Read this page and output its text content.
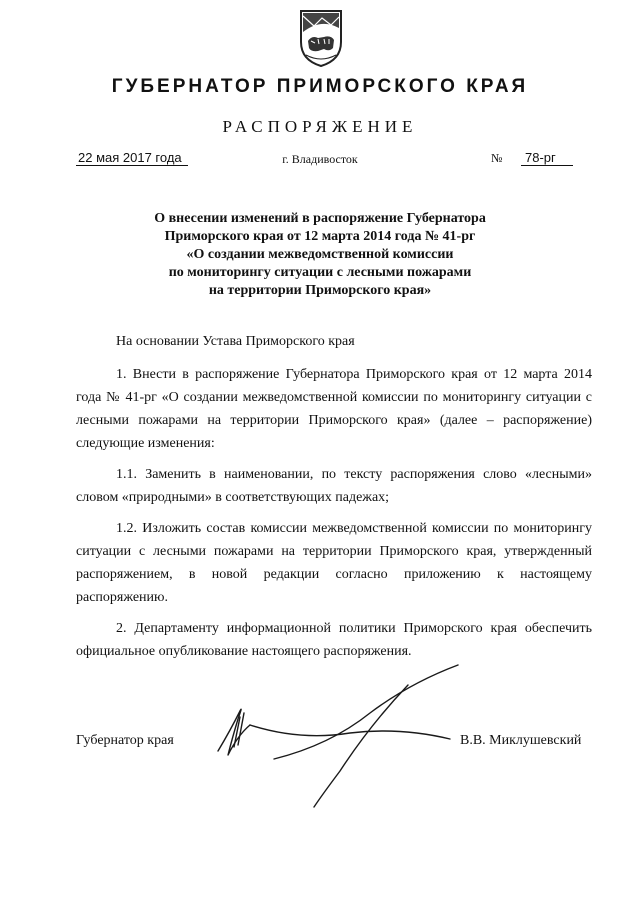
ГУБЕРНАТОР ПРИМОРСКОГО КРАЯ
РАСПОРЯЖЕНИЕ
22 мая 2017 года	г. Владивосток	№ 78-рг
О внесении изменений в распоряжение Губернатора
Приморского края от 12 марта 2014 года № 41-рг
«О создании межведомственной комиссии
по мониторингу ситуации с лесными пожарами
на территории Приморского края»

На основании Устава Приморского края

1. Внести в распоряжение Губернатора Приморского края от 12 марта 2014 года № 41-рг «О создании межведомственной комиссии по мониторингу ситуации с лесными пожарами на территории Приморского края» (далее – распоряжение) следующие изменения:

1.1. Заменить в наименовании, по тексту распоряжения слово «лесными» словом «природными» в соответствующих падежах;

1.2. Изложить состав комиссии межведомственной комиссии по мониторингу ситуации с лесными пожарами на территории Приморского края, утвержденный распоряжением, в новой редакции согласно приложению к настоящему распоряжению.

2. Департаменту информационной политики Приморского края обеспечить официальное опубликование настоящего распоряжения.

Губернатор края	В.В. Миклушевский
